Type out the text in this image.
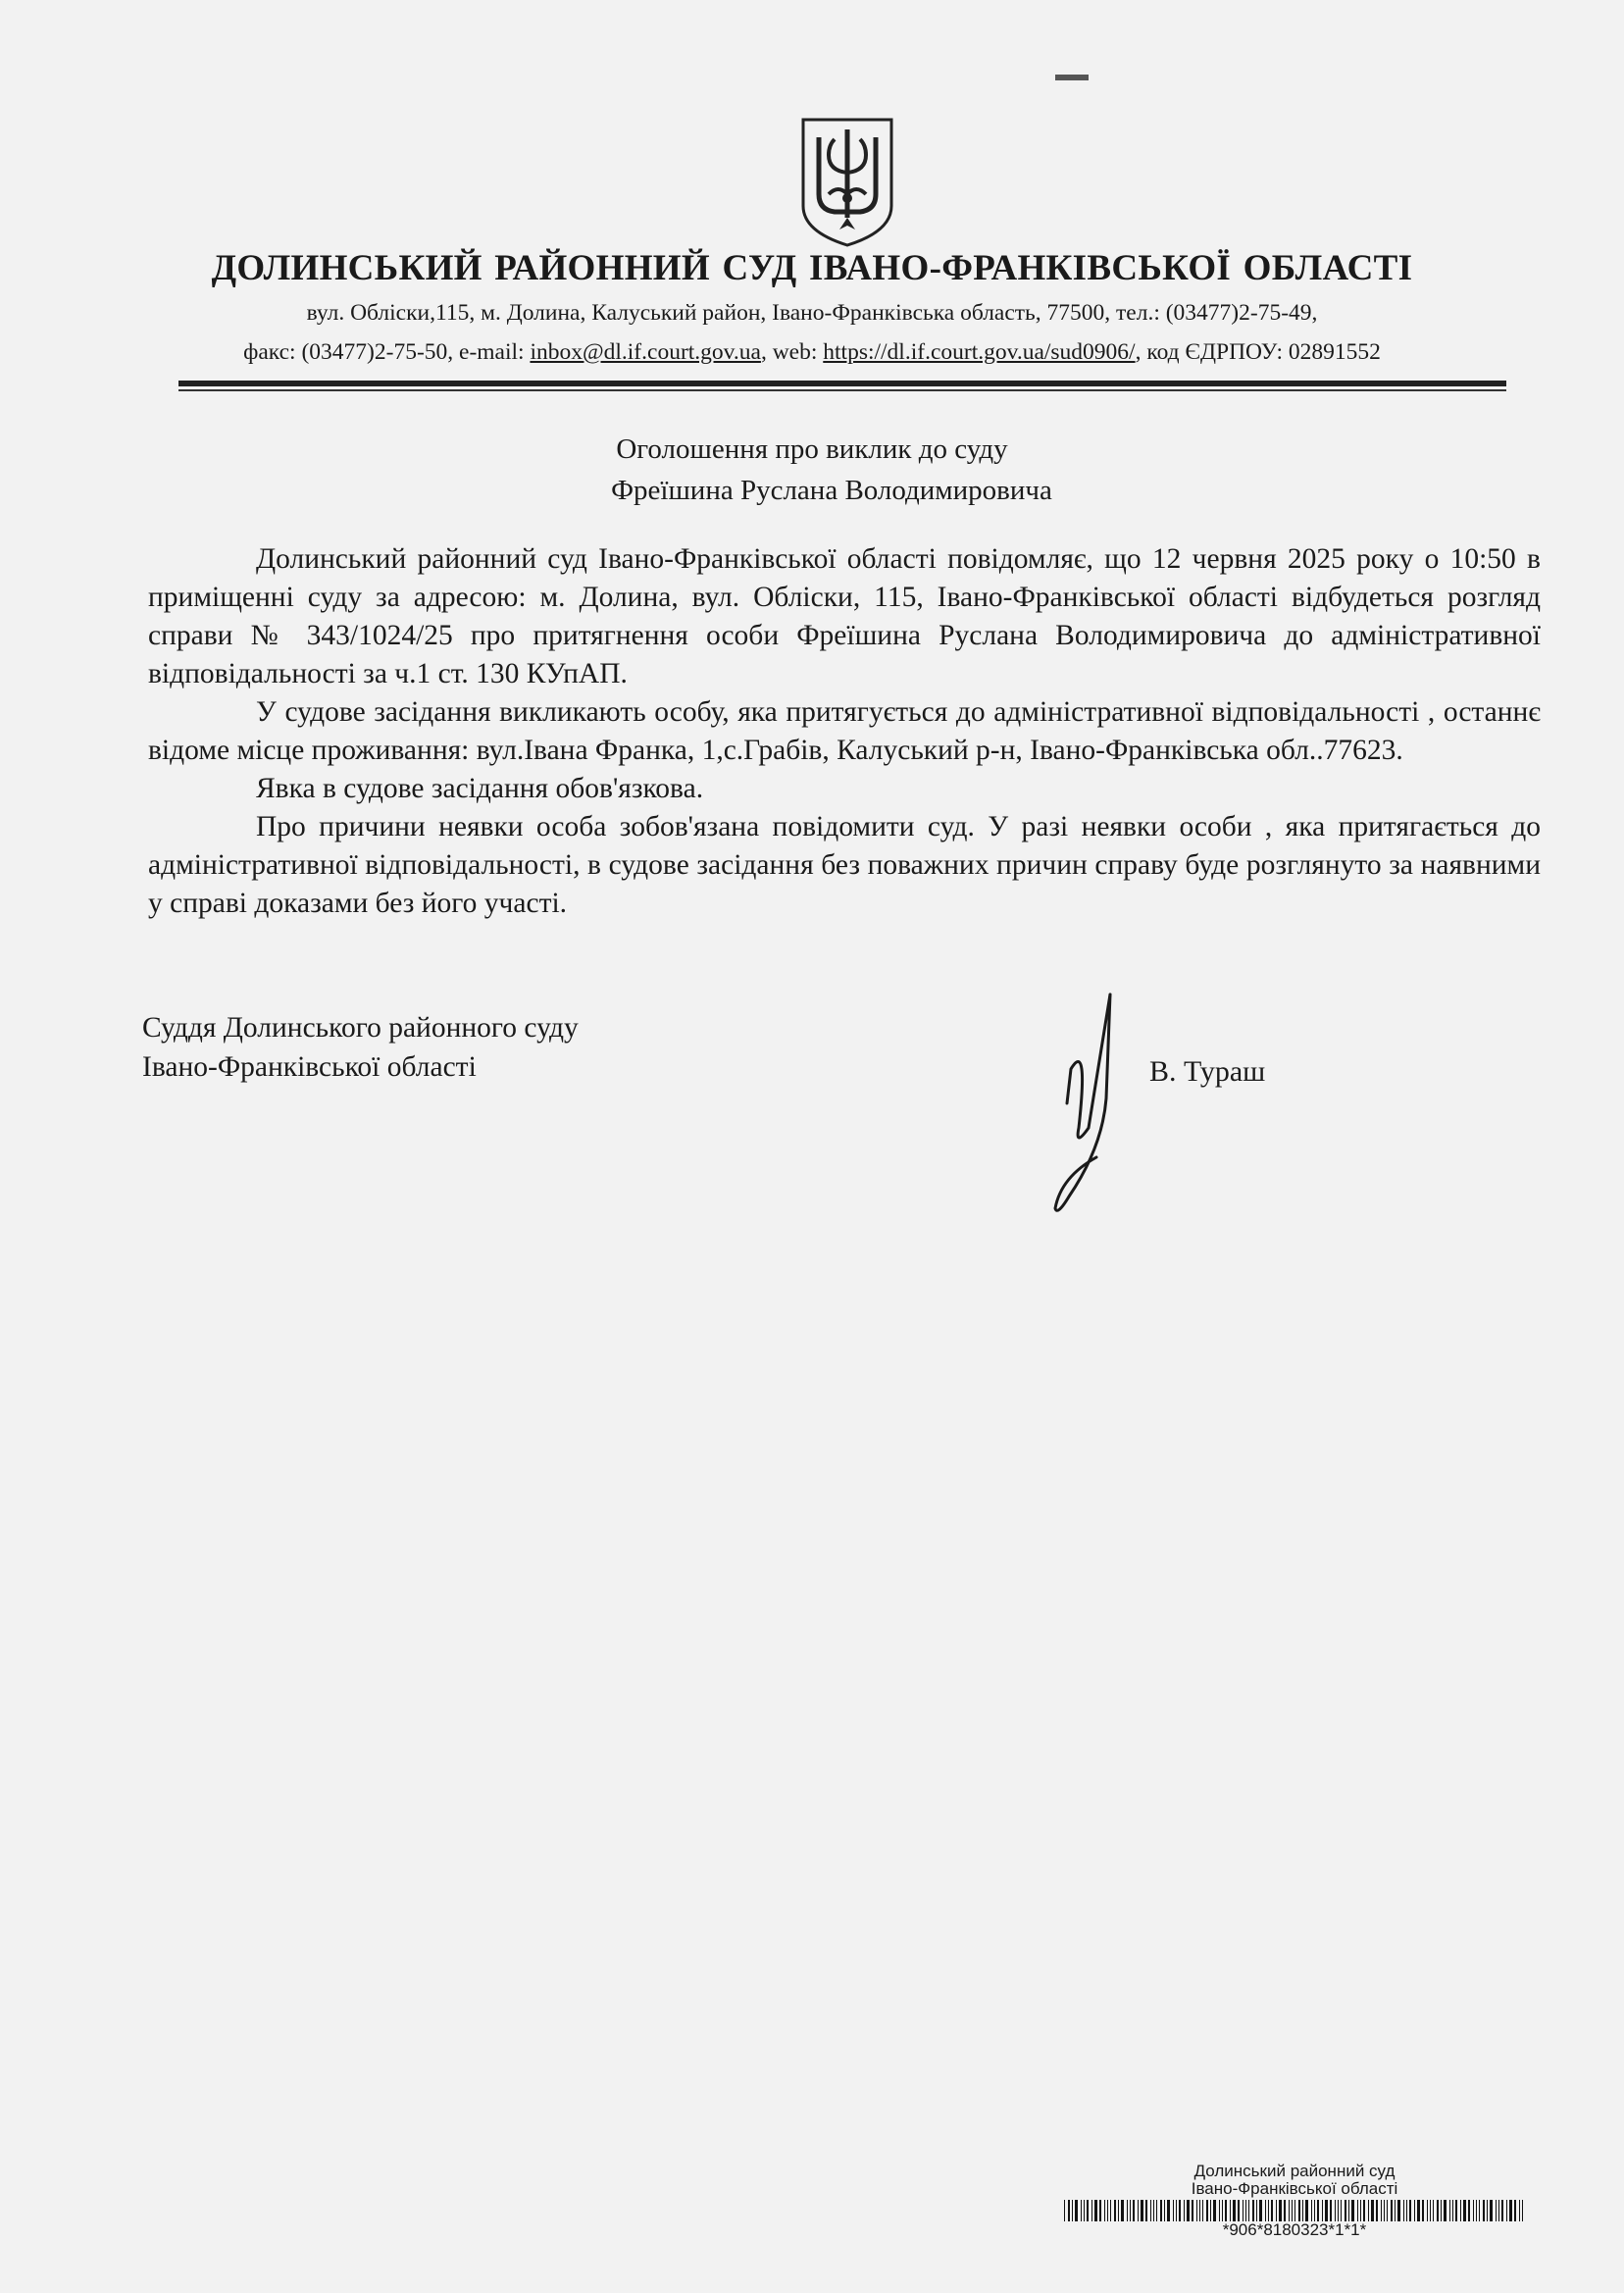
ДОЛИНСЬКИЙ РАЙОННИЙ СУД ІВАНО-ФРАНКІВСЬКОЇ ОБЛАСТІ
вул. Облiски,115, м. Долина, Калуський район, Iвано-Франкiвська область, 77500, тел.: (03477)2-75-49,
факс: (03477)2-75-50, e-mail: inbox@dl.if.court.gov.ua, web: https://dl.if.court.gov.ua/sud0906/, код ЄДРПОУ: 02891552
Оголошення про виклик до суду
Фреїшина Руслана Володимировича

Долинський районний суд Івано-Франківської області повідомляє, що 12 червня 2025 року о 10:50 в приміщенні суду за адресою: м. Долина, вул. Обліски, 115, Івано-Франківської області відбудеться розгляд справи № 343/1024/25 про притягнення особи Фреїшина Руслана Володимировича до адміністративної відповідальності за ч.1 ст. 130 КУпАП.

У судове засідання викликають особу, яка притягується до адміністративної відповідальності , останнє відоме місце проживання: вул.Івана Франка, 1,с.Грабів, Калуський р-н, Івано-Франківська обл..77623.

Явка в судове засідання обов'язкова.

Про причини неявки особа зобов'язана повідомити суд. У разі неявки особи , яка притягається до адміністративної відповідальності, в судове засідання без поважних причин справу буде розглянуто за наявними у справі доказами без його участі.

Суддя Долинського районного суду
Івано-Франківської області	В. Тураш
Долинський районний суд
Івано-Франківської області
*906*8180323*1*1*
